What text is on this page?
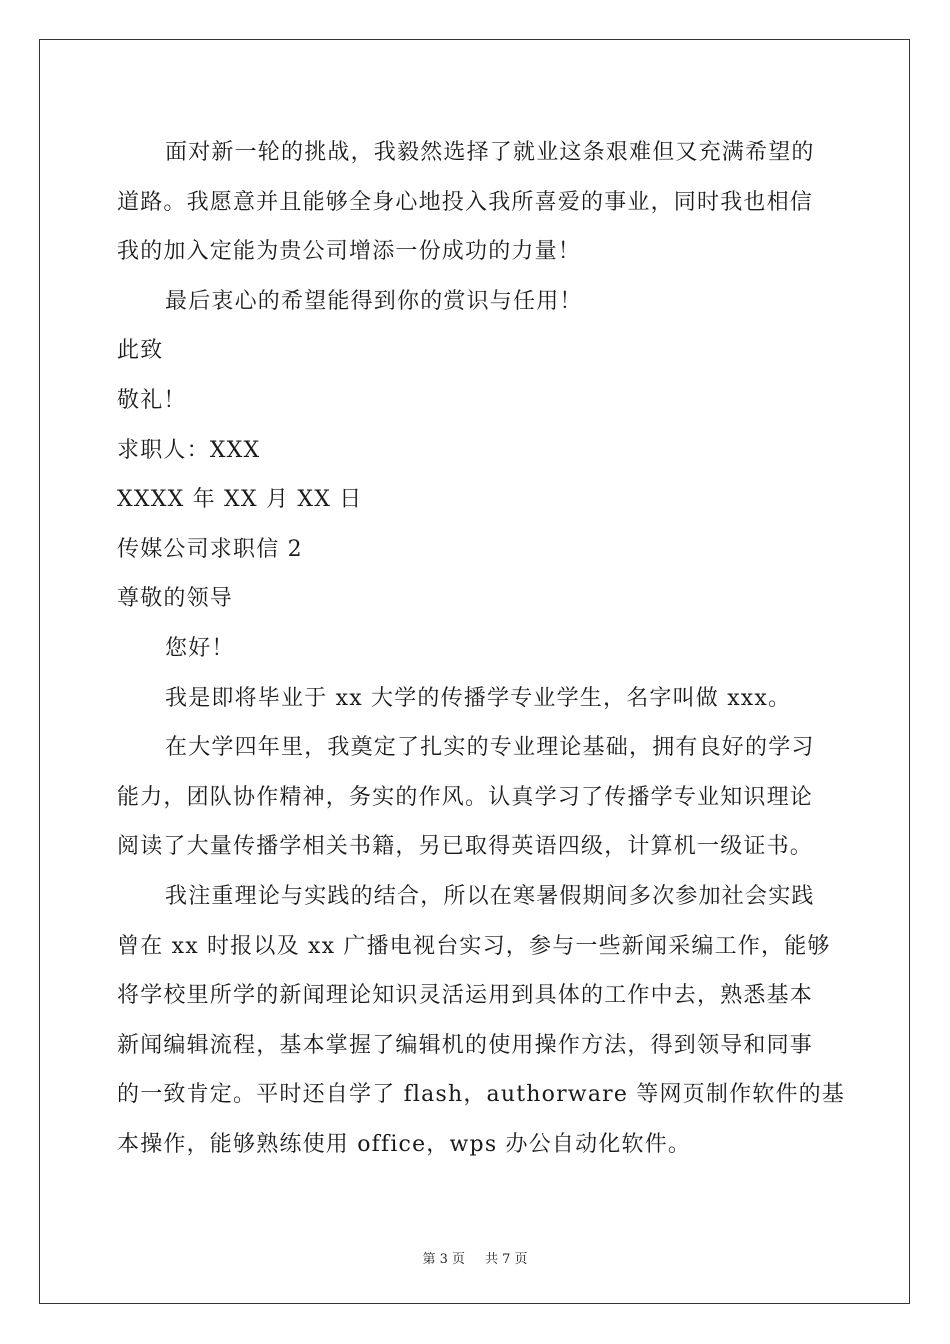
面对新一轮的挑战，我毅然选择了就业这条艰难但又充满希望的
道路。我愿意并且能够全身心地投入我所喜爱的事业，同时我也相信
我的加入定能为贵公司增添一份成功的力量！
最后衷心的希望能得到你的赏识与任用！
此致
敬礼！
求职人：XXX
XXXX 年 XX 月 XX 日
传媒公司求职信 2
尊敬的领导
您好！
我是即将毕业于 xx 大学的传播学专业学生，名字叫做 xxx。
在大学四年里，我奠定了扎实的专业理论基础，拥有良好的学习
能力，团队协作精神，务实的作风。认真学习了传播学专业知识理论
阅读了大量传播学相关书籍，另已取得英语四级，计算机一级证书。
我注重理论与实践的结合，所以在寒暑假期间多次参加社会实践
曾在 xx 时报以及 xx 广播电视台实习，参与一些新闻采编工作，能够
将学校里所学的新闻理论知识灵活运用到具体的工作中去，熟悉基本
新闻编辑流程，基本掌握了编辑机的使用操作方法，得到领导和同事
的一致肯定。平时还自学了 flash，authorware 等网页制作软件的基
本操作，能够熟练使用 office，wps 办公自动化软件。
第 3 页 共 7 页
